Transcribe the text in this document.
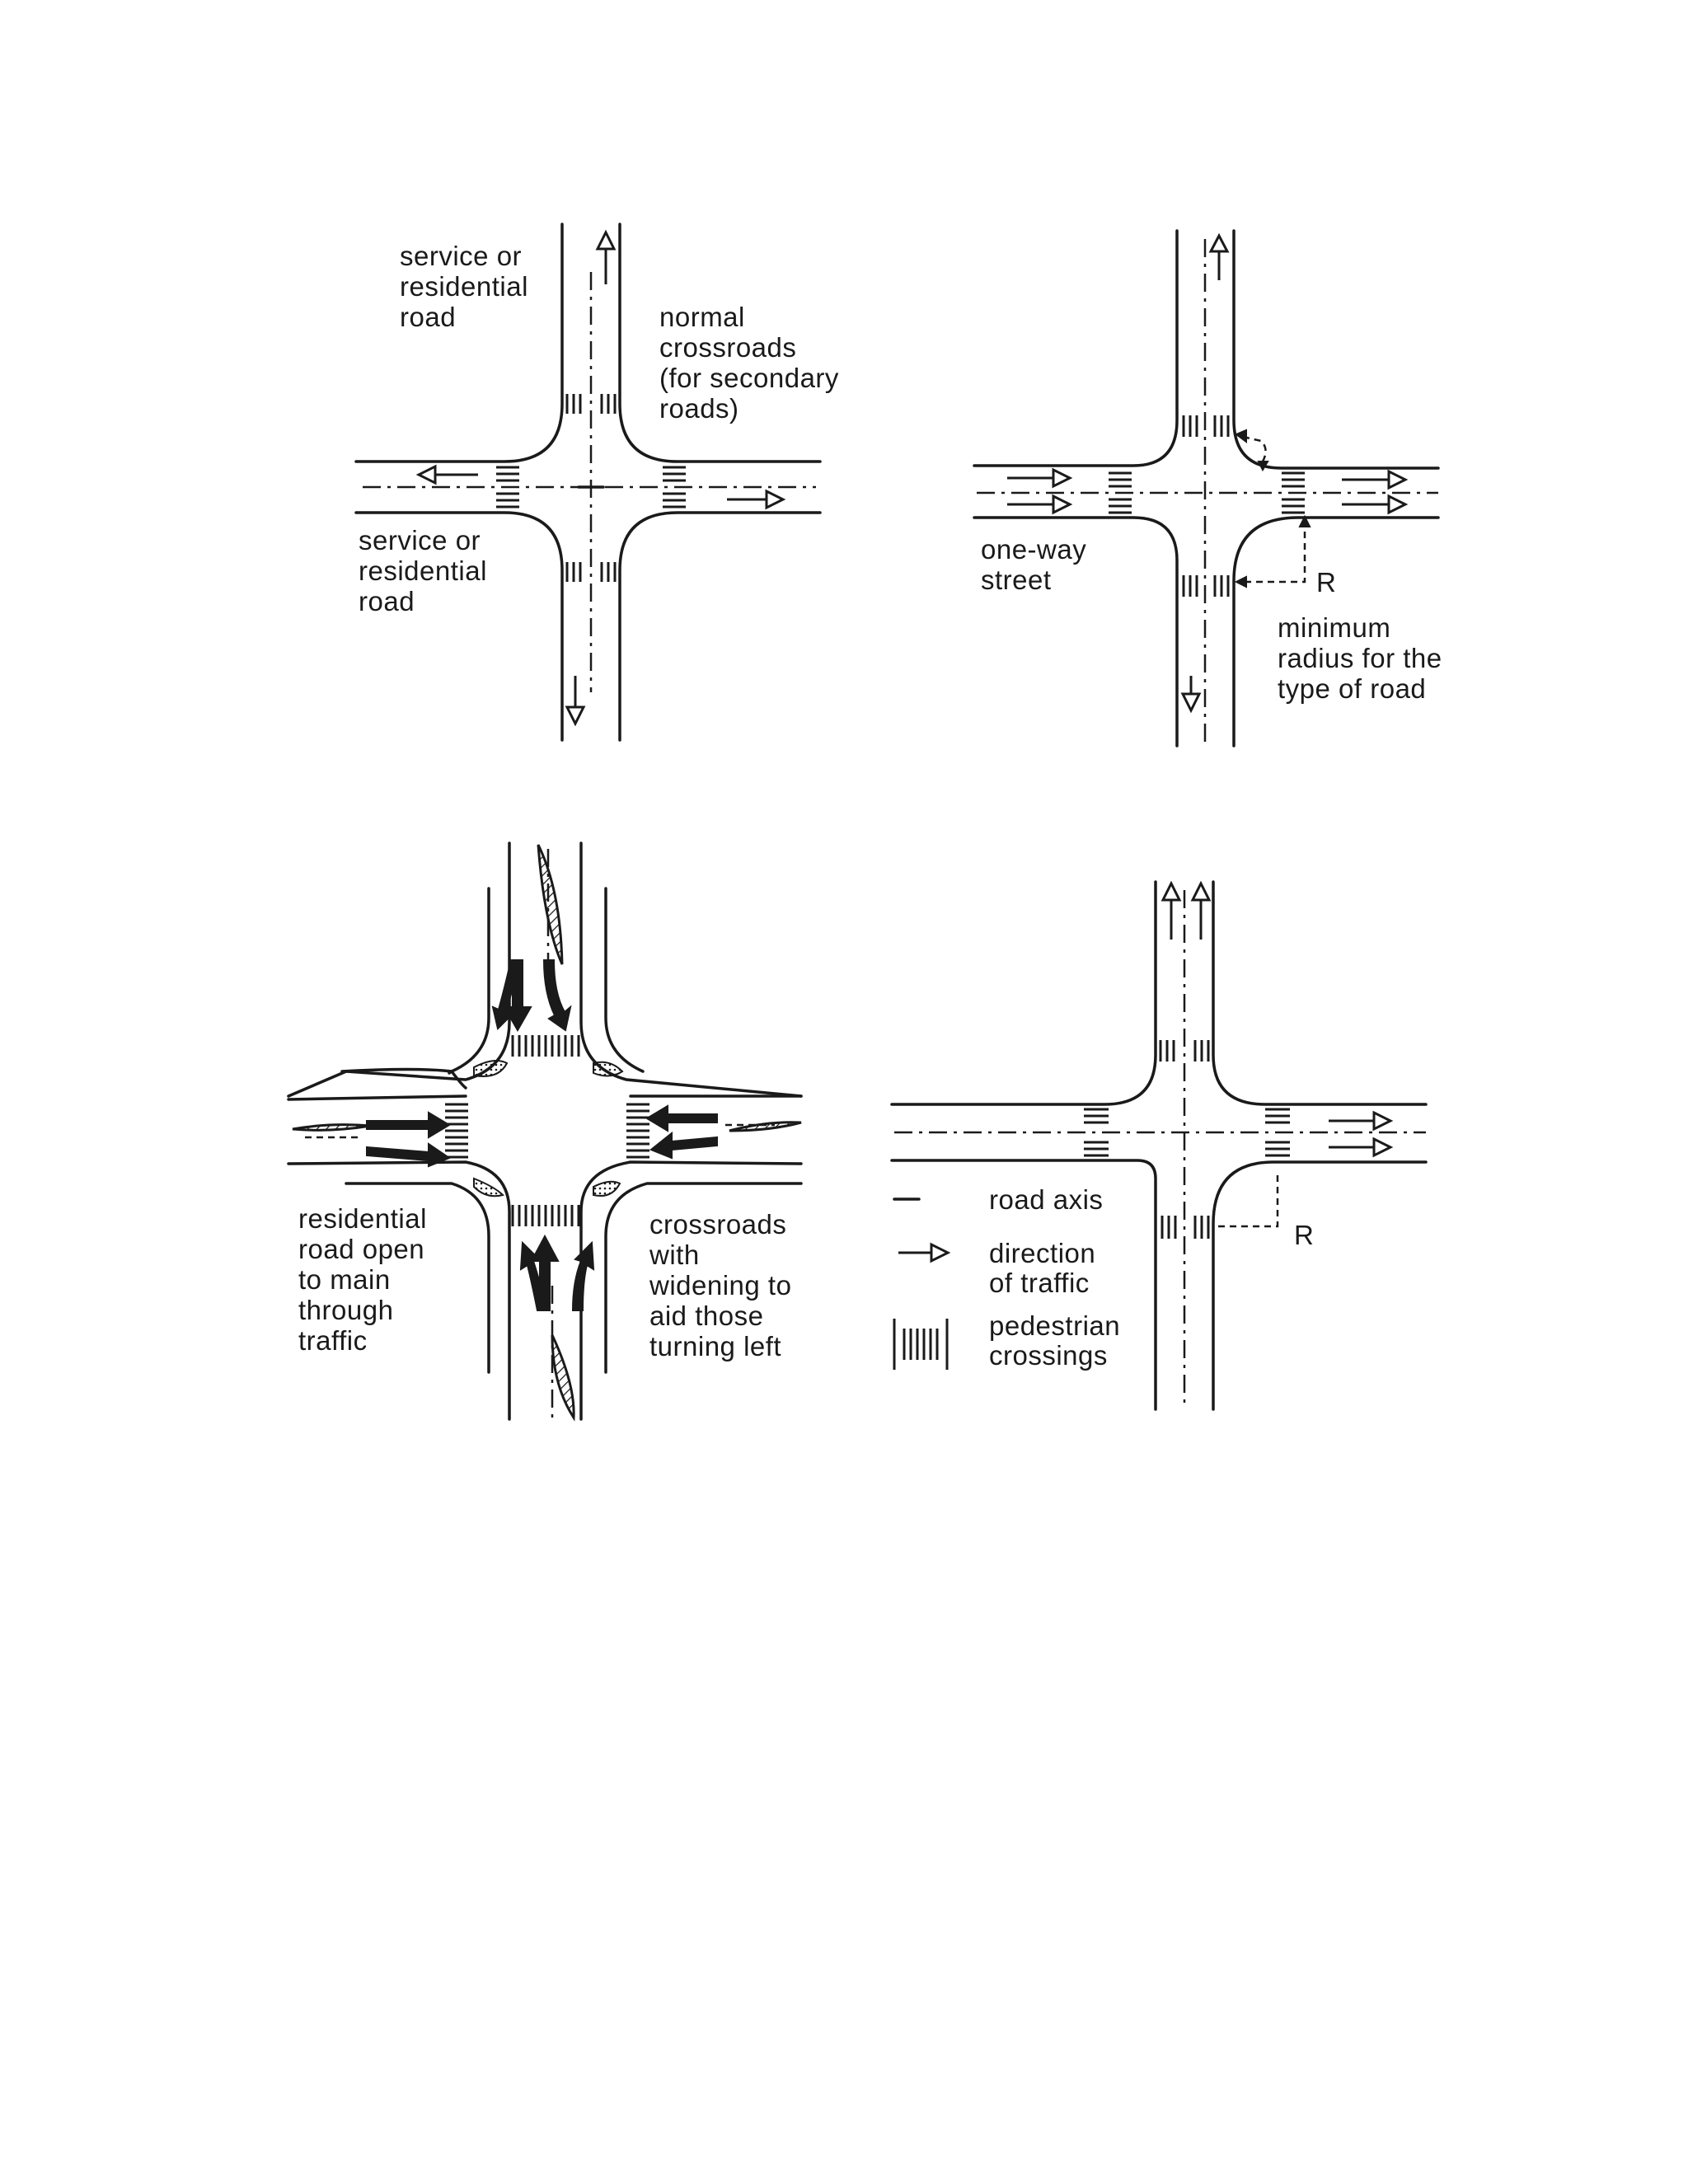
service or
residential
road	normal
crossroads
(for secondary
roads)
service or
residential
road
R
one-way
street
minimum
radius for the
type of road
residential
road open
to main
through
traffic
crossroads
with
widening to
aid those
turning left
R
road axis
direction
of traffic
pedestrian
crossings
